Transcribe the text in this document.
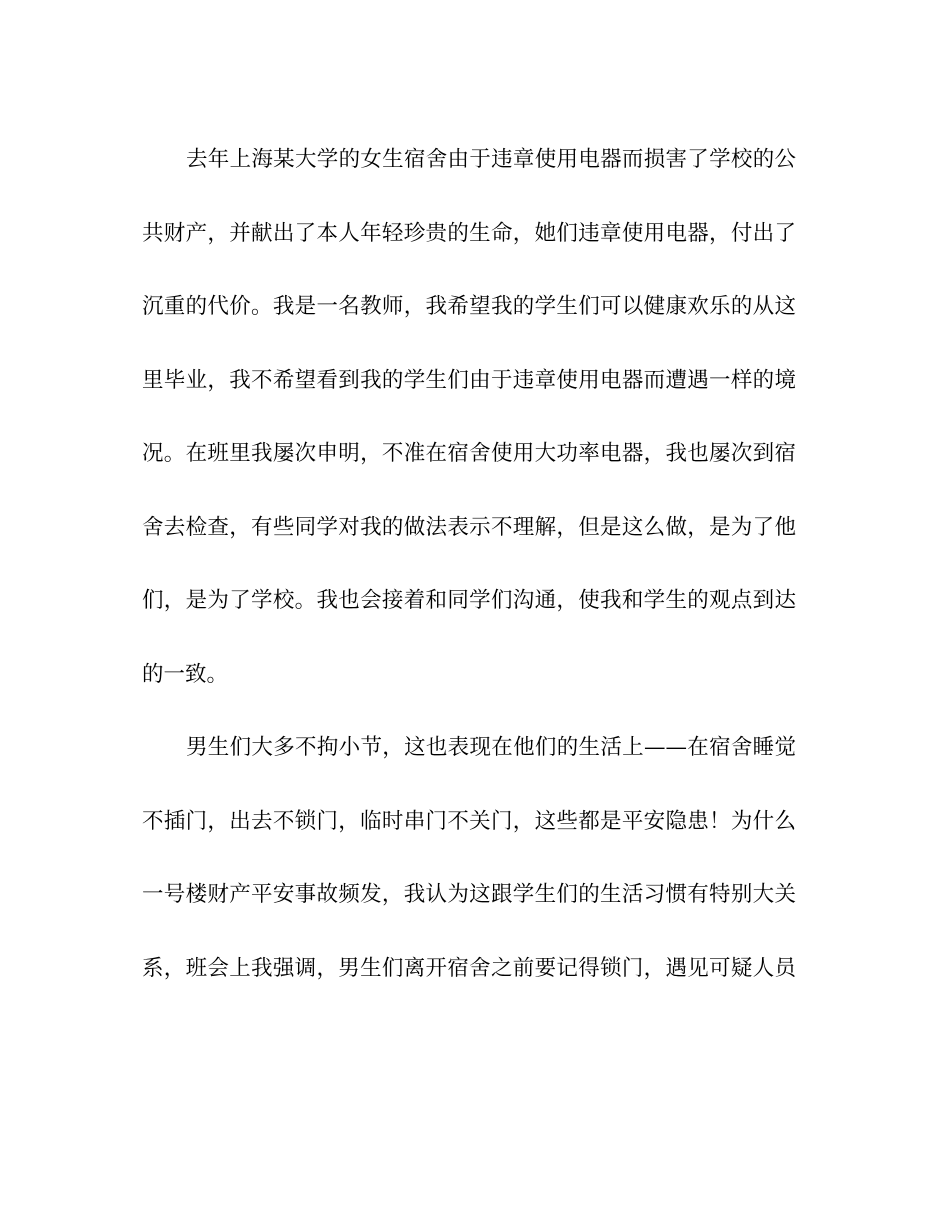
去年上海某大学的女生宿舍由于违章使用电器而损害了学校的公
共财产，并献出了本人年轻珍贵的生命，她们违章使用电器，付出了
沉重的代价。我是一名教师，我希望我的学生们可以健康欢乐的从这
里毕业，我不希望看到我的学生们由于违章使用电器而遭遇一样的境
况。在班里我屡次申明，不准在宿舍使用大功率电器，我也屡次到宿
舍去检查，有些同学对我的做法表示不理解，但是这么做，是为了他
们，是为了学校。我也会接着和同学们沟通，使我和学生的观点到达
的一致。
男生们大多不拘小节，这也表现在他们的生活上——在宿舍睡觉
不插门，出去不锁门，临时串门不关门，这些都是平安隐患！为什么
一号楼财产平安事故频发，我认为这跟学生们的生活习惯有特别大关
系，班会上我强调，男生们离开宿舍之前要记得锁门，遇见可疑人员
